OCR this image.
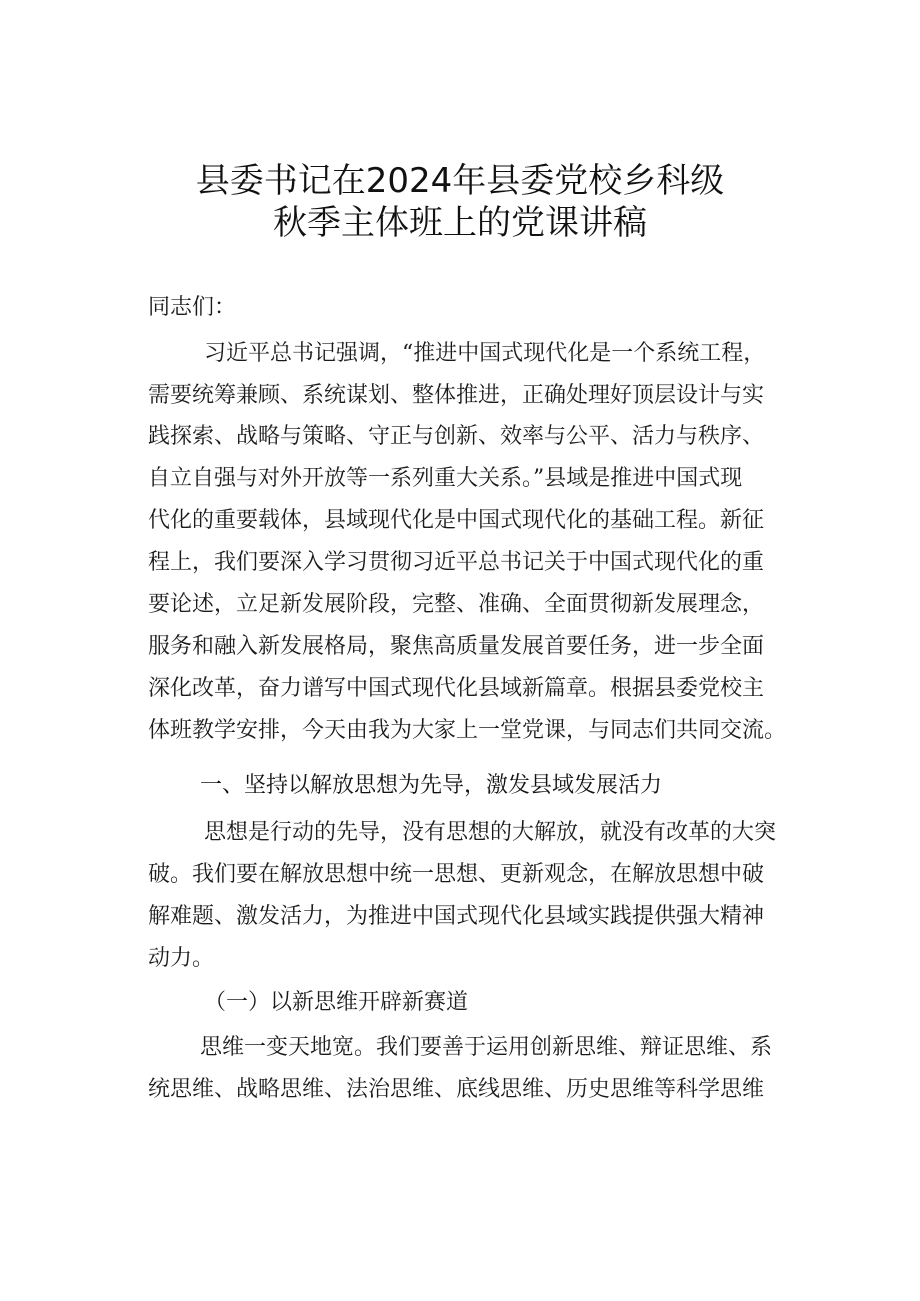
县委书记在2024年县委党校乡科级
秋季主体班上的党课讲稿
同志们：
习近平总书记强调，“推进中国式现代化是一个系统工程，
需要统筹兼顾、系统谋划、整体推进，正确处理好顶层设计与实
践探索、战略与策略、守正与创新、效率与公平、活力与秩序、
自立自强与对外开放等一系列重大关系。”县域是推进中国式现
代化的重要载体，县域现代化是中国式现代化的基础工程。新征
程上，我们要深入学习贯彻习近平总书记关于中国式现代化的重
要论述，立足新发展阶段，完整、准确、全面贯彻新发展理念，
服务和融入新发展格局，聚焦高质量发展首要任务，进一步全面
深化改革，奋力谱写中国式现代化县域新篇章。根据县委党校主
体班教学安排，今天由我为大家上一堂党课，与同志们共同交流。
一、坚持以解放思想为先导，激发县域发展活力
思想是行动的先导，没有思想的大解放，就没有改革的大突
破。我们要在解放思想中统一思想、更新观念，在解放思想中破
解难题、激发活力，为推进中国式现代化县域实践提供强大精神
动力。
（一）以新思维开辟新赛道
思维一变天地宽。我们要善于运用创新思维、辩证思维、系
统思维、战略思维、法治思维、底线思维、历史思维等科学思维
